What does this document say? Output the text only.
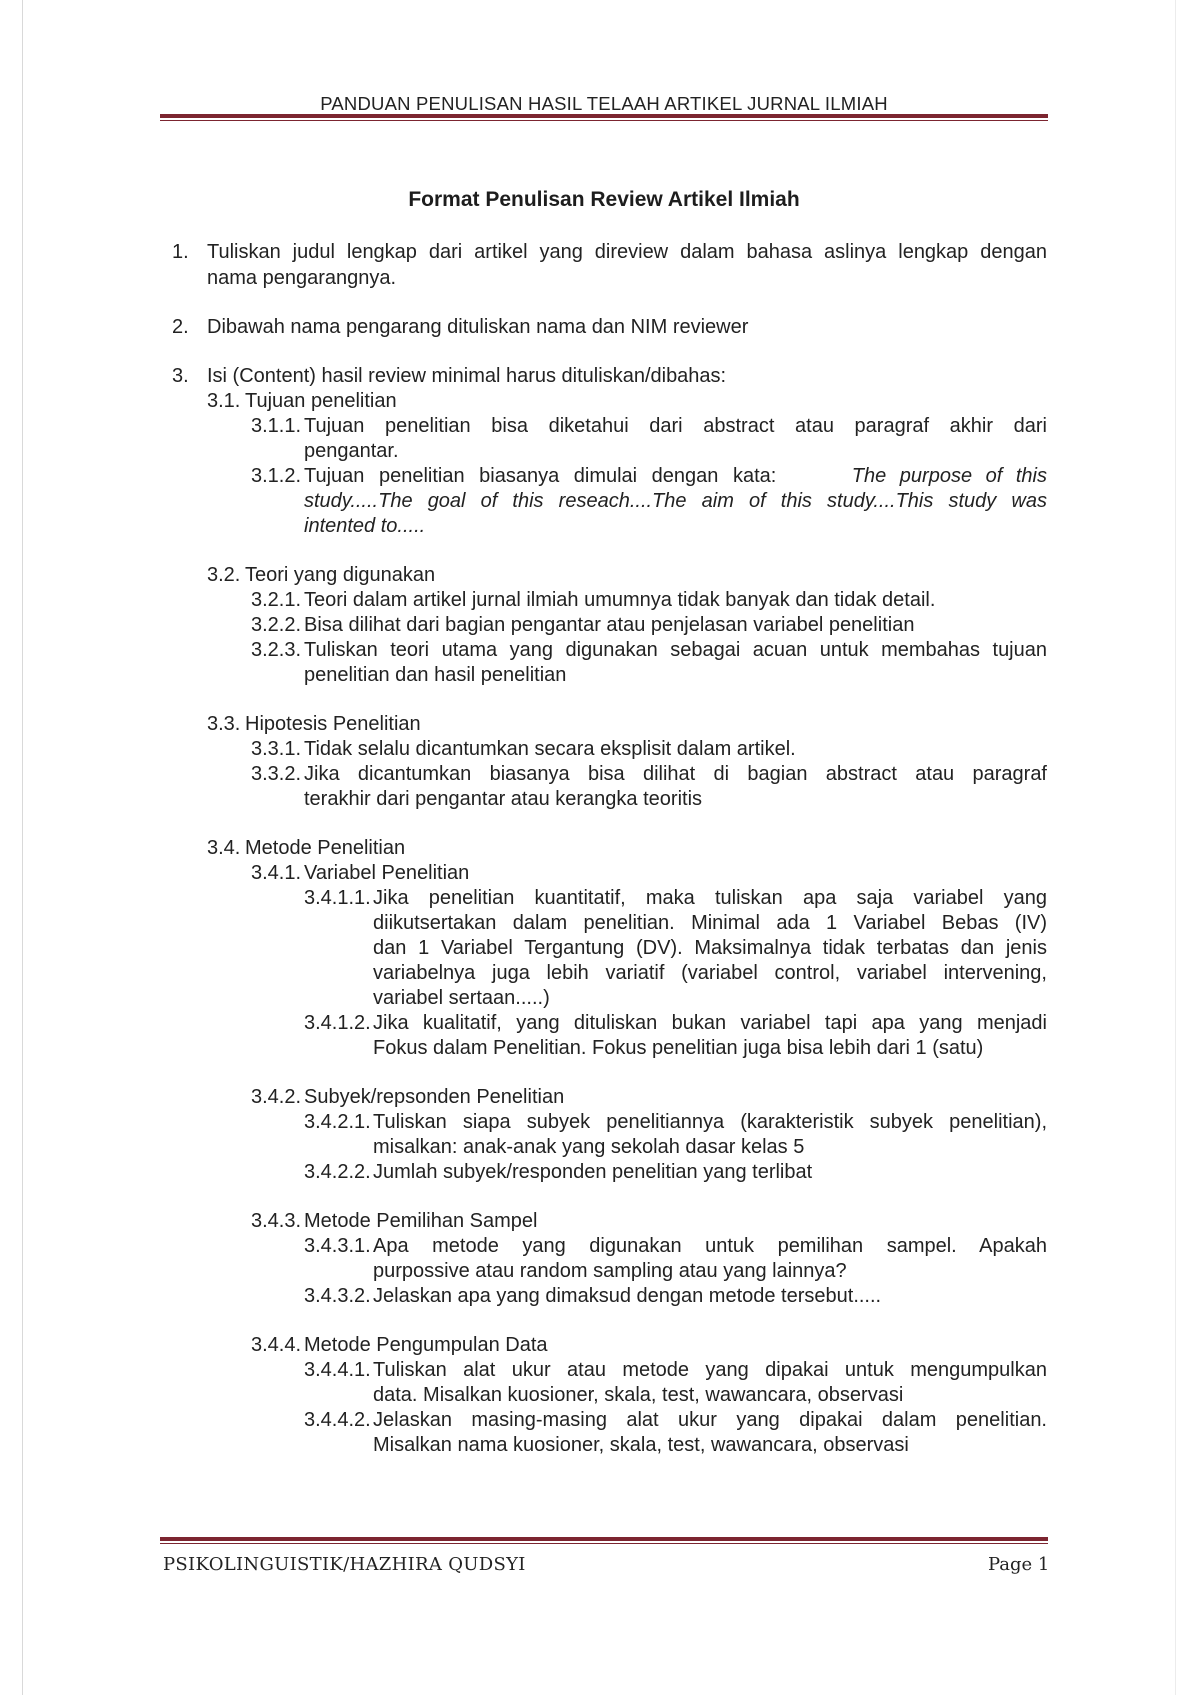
PANDUAN PENULISAN HASIL TELAAH ARTIKEL JURNAL ILMIAH
Format Penulisan Review Artikel Ilmiah
1. Tuliskan judul lengkap dari artikel yang direview dalam bahasa aslinya lengkap dengan
nama pengarangnya.
2. Dibawah nama pengarang dituliskan nama dan NIM reviewer
3. Isi (Content) hasil review minimal harus dituliskan/dibahas:
3.1. Tujuan penelitian
3.1.1. Tujuan penelitian bisa diketahui dari abstract atau paragraf akhir dari
pengantar.
3.1.2. Tujuan penelitian biasanya dimulai dengan kata:	The purpose of this
study.....The goal of this reseach....The aim of this study....This study was
intented to.....
3.2. Teori yang digunakan
3.2.1. Teori dalam artikel jurnal ilmiah umumnya tidak banyak dan tidak detail.
3.2.2. Bisa dilihat dari bagian pengantar atau penjelasan variabel penelitian
3.2.3. Tuliskan teori utama yang digunakan sebagai acuan untuk membahas tujuan
penelitian dan hasil penelitian
3.3. Hipotesis Penelitian
3.3.1. Tidak selalu dicantumkan secara eksplisit dalam artikel.
3.3.2. Jika dicantumkan biasanya bisa dilihat di bagian abstract atau paragraf
terakhir dari pengantar atau kerangka teoritis
3.4. Metode Penelitian
3.4.1. Variabel Penelitian
3.4.1.1. Jika penelitian kuantitatif, maka tuliskan apa saja variabel yang
diikutsertakan dalam penelitian. Minimal ada 1 Variabel Bebas (IV)
dan 1 Variabel Tergantung (DV). Maksimalnya tidak terbatas dan jenis
variabelnya juga lebih variatif (variabel control, variabel intervening,
variabel sertaan.....)
3.4.1.2. Jika kualitatif, yang dituliskan bukan variabel tapi apa yang menjadi
Fokus dalam Penelitian. Fokus penelitian juga bisa lebih dari 1 (satu)
3.4.2. Subyek/repsonden Penelitian
3.4.2.1. Tuliskan siapa subyek penelitiannya (karakteristik subyek penelitian),
misalkan: anak-anak yang sekolah dasar kelas 5
3.4.2.2. Jumlah subyek/responden penelitian yang terlibat
3.4.3. Metode Pemilihan Sampel
3.4.3.1. Apa metode yang digunakan untuk pemilihan sampel. Apakah
purpossive atau random sampling atau yang lainnya?
3.4.3.2. Jelaskan apa yang dimaksud dengan metode tersebut.....
3.4.4. Metode Pengumpulan Data
3.4.4.1. Tuliskan alat ukur atau metode yang dipakai untuk mengumpulkan
data. Misalkan kuosioner, skala, test, wawancara, observasi
3.4.4.2. Jelaskan masing-masing alat ukur yang dipakai dalam penelitian.
Misalkan nama kuosioner, skala, test, wawancara, observasi
PSIKOLINGUISTIK/HAZHIRA QUDSYI	Page 1
